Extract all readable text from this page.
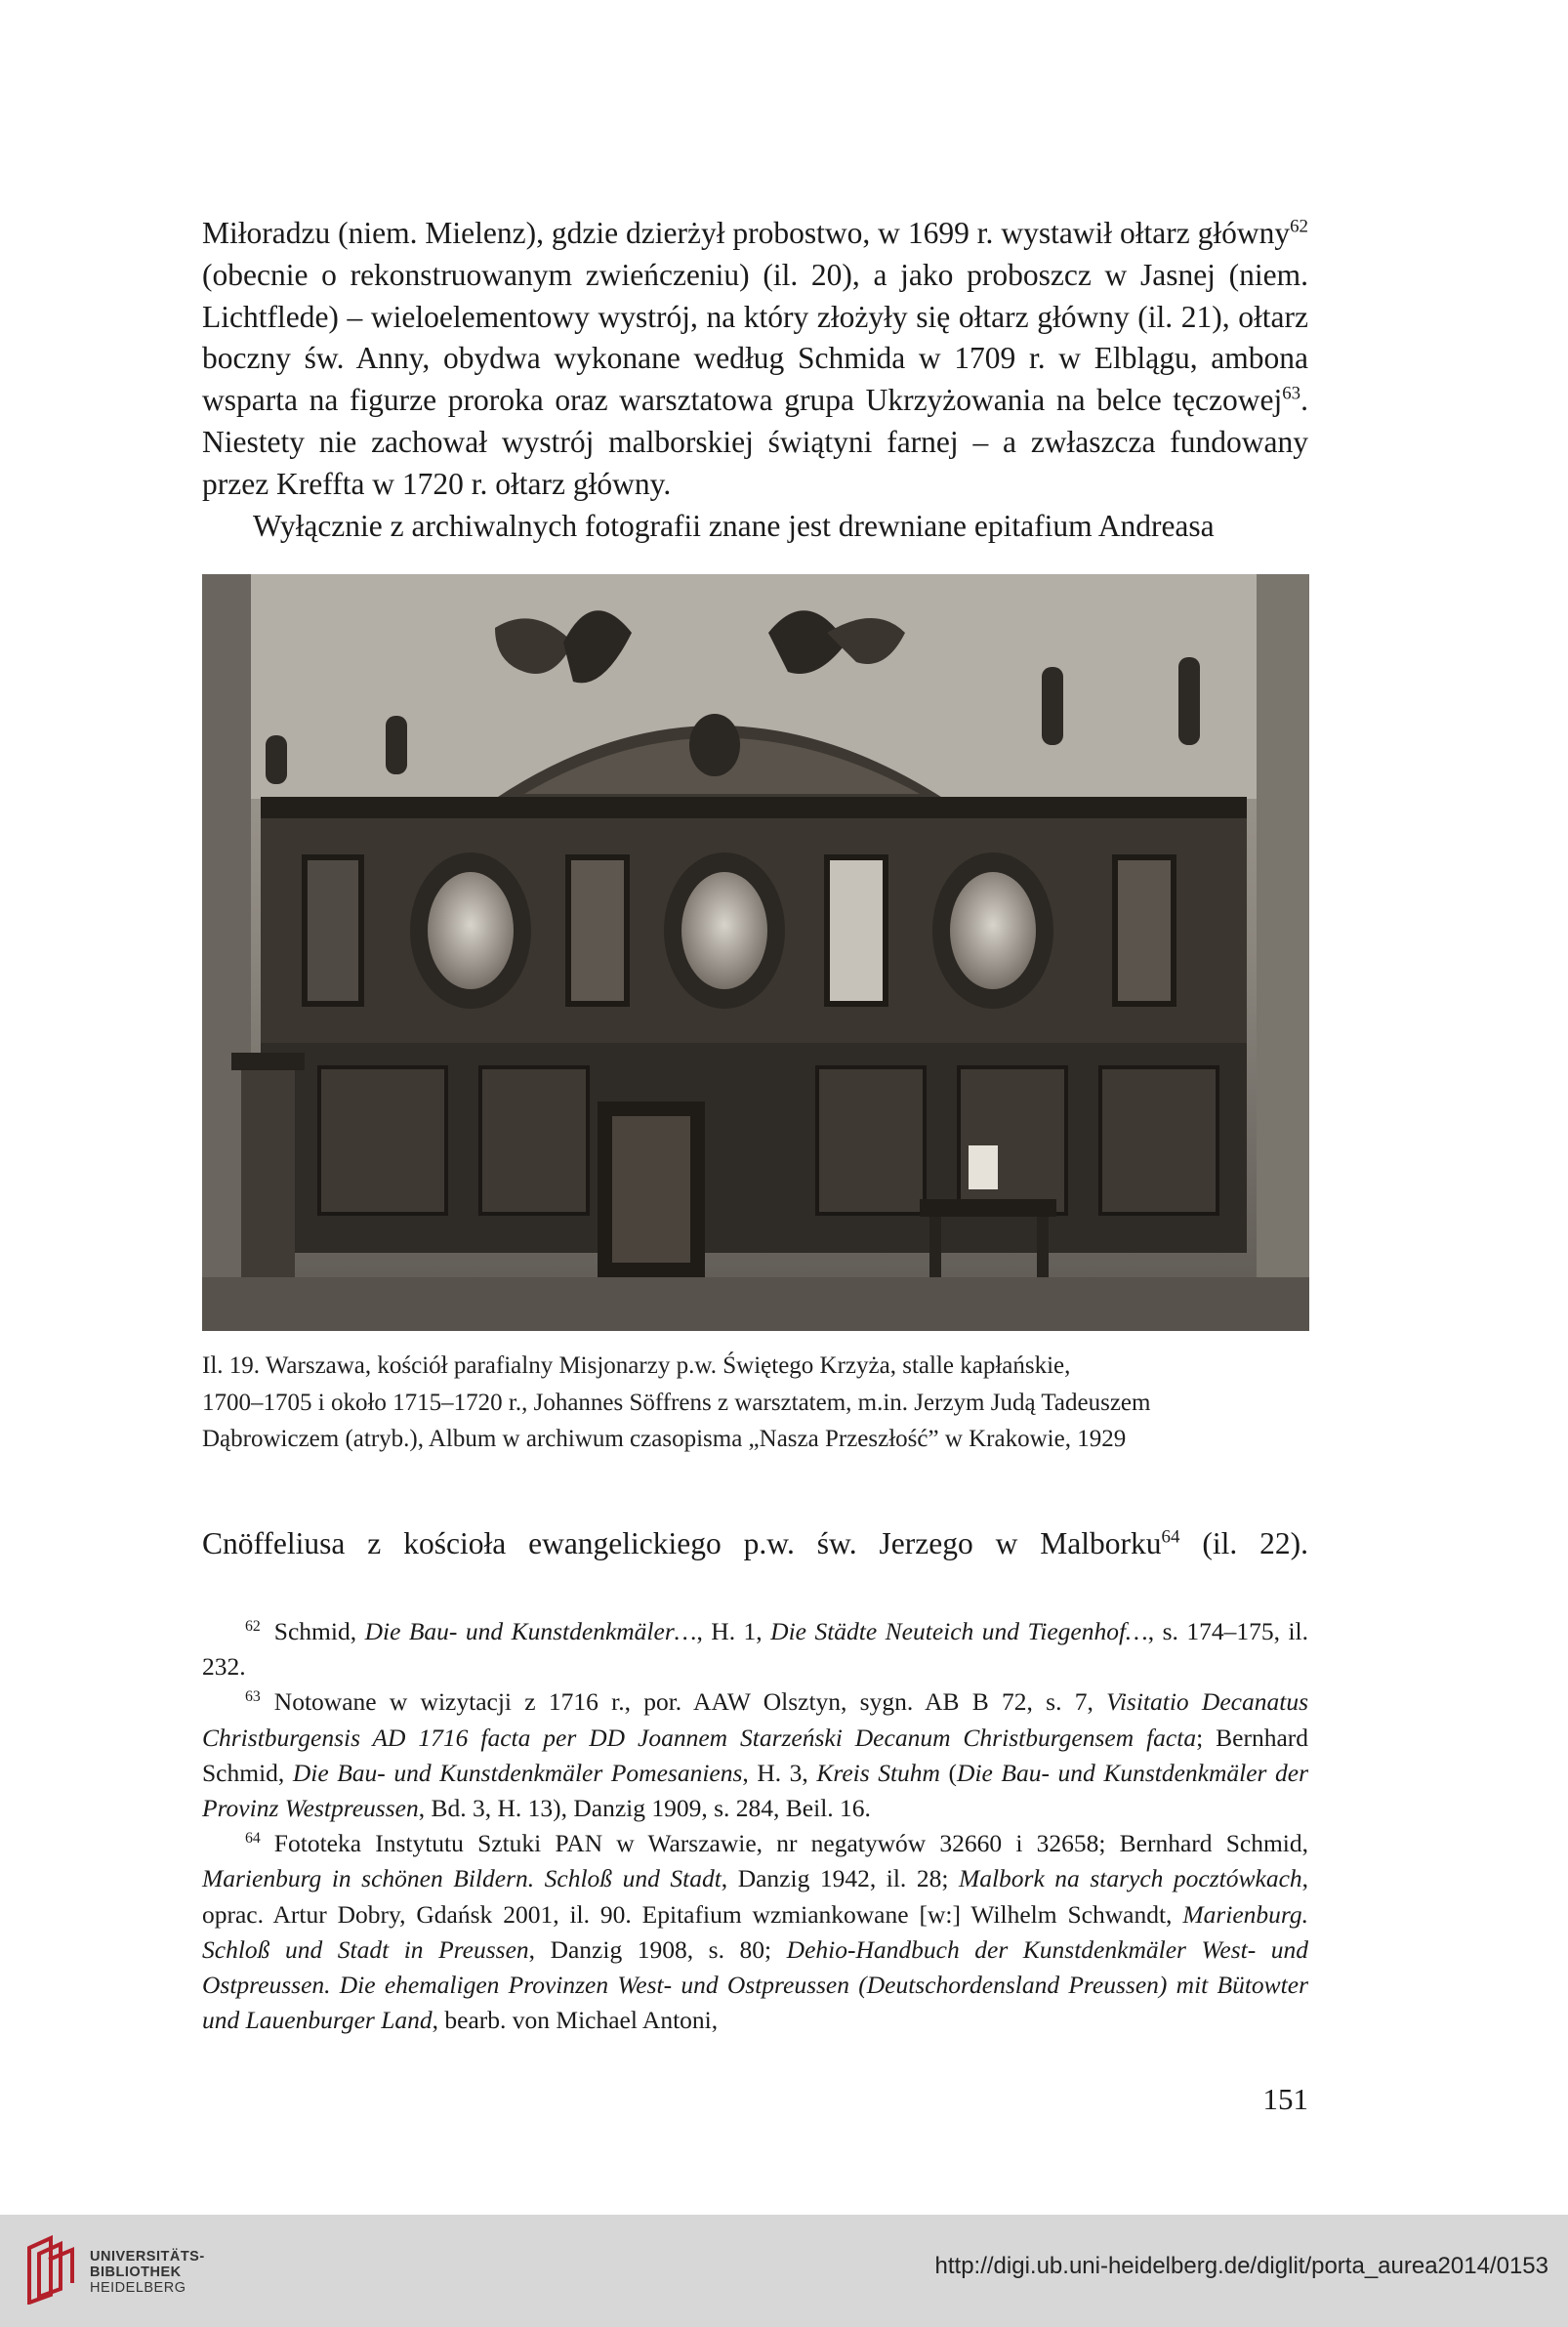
Miłoradzu (niem. Mielenz), gdzie dzierżył probostwo, w 1699 r. wystawił ołtarz główny$^{62}$ (obecnie o rekonstruowanym zwieńczeniu) (il. 20), a jako proboszcz w Jasnej (niem. Lichtflede) – wieloelementowy wystrój, na który złożyły się ołtarz główny (il. 21), ołtarz boczny św. Anny, obydwa wykonane według Schmida w 1709 r. w Elblągu, ambona wsparta na figurze proroka oraz warsztatowa grupa Ukrzyżowania na belce tęczowej$^{63}$. Niestety nie zachował wystrój malborskiej świątyni farnej – a zwłaszcza fundowany przez Kreffta w 1720 r. ołtarz główny.

Wyłącznie z archiwalnych fotografii znane jest drewniane epitafium Andreasa

Il. 19. Warszawa, kościół parafialny Misjonarzy p.w. Świętego Krzyża, stalle kapłańskie,

1700–1705 i około 1715–1720 r., Johannes Söffrens z warsztatem, m.in. Jerzym Judą Tadeuszem

Dąbrowiczem (atryb.), Album w archiwum czasopisma „Nasza Przeszłość” w Krakowie, 1929

Cnöffeliusa z kościoła ewangelickiego p.w. św. Jerzego w Malborku$^{64}$ (il. 22).

$^{62}$ Schmid, Die Bau- und Kunstdenkmäler…, H. 1, Die Städte Neuteich und Tiegenhof…, s. 174–175, il. 232.

$^{63}$ Notowane w wizytacji z 1716 r., por. AAW Olsztyn, sygn. AB B 72, s. 7, Visitatio Decanatus Christburgensis AD 1716 facta per DD Joannem Starzeński Decanum Christburgensem facta; Bernhard Schmid, Die Bau- und Kunstdenkmäler Pomesaniens, H. 3, Kreis Stuhm (Die Bau- und Kunstdenkmäler der Provinz Westpreussen, Bd. 3, H. 13), Danzig 1909, s. 284, Beil. 16.

$^{64}$ Fototeka Instytutu Sztuki PAN w Warszawie, nr negatywów 32660 i 32658; Bernhard Schmid, Marienburg in schönen Bildern. Schloß und Stadt, Danzig 1942, il. 28; Malbork na starych pocztówkach, oprac. Artur Dobry, Gdańsk 2001, il. 90. Epitafium wzmiankowane [w:] Wilhelm Schwandt, Marienburg. Schloß und Stadt in Preussen, Danzig 1908, s. 80; Dehio-Handbuch der Kunstdenkmäler West- und Ostpreussen. Die ehemaligen Provinzen West- und Ostpreussen (Deutschordensland Preussen) mit Bütowter und Lauenburger Land, bearb. von Michael Antoni,

151
UNIVERSITÄTS-
BIBLIOTHEK
HEIDELBERG
http://digi.ub.uni-heidelberg.de/diglit/porta_aurea2014/0153
